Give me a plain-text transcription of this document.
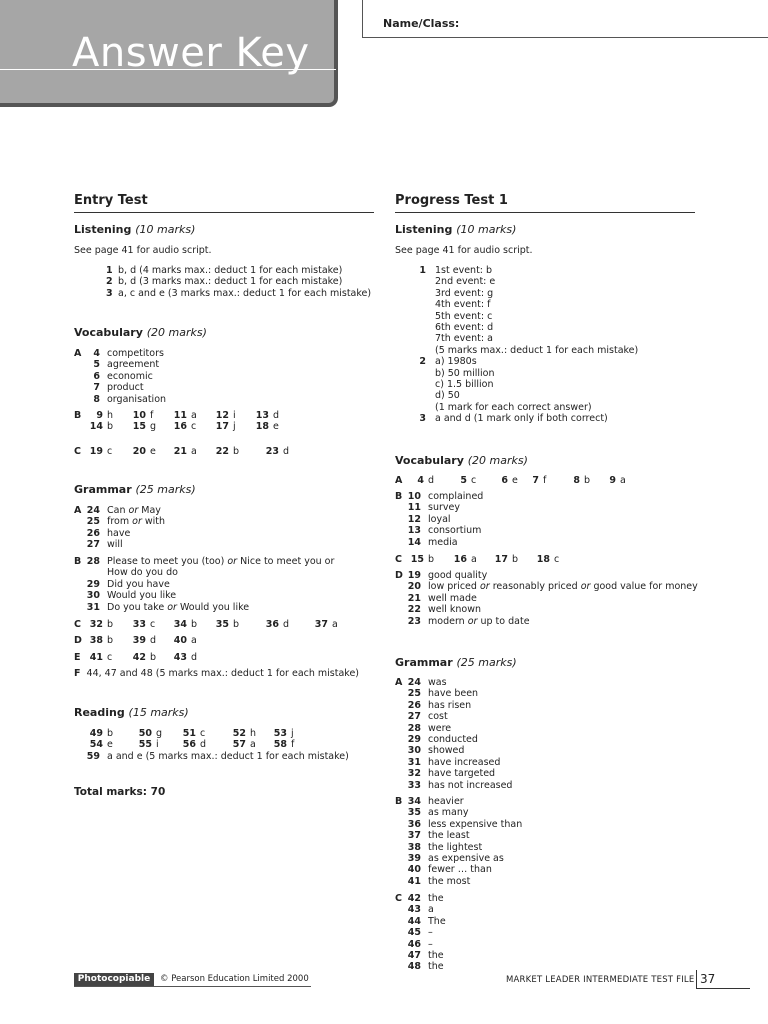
Answer Key
Name/Class:
Entry Test
Listening (10 marks)
See page 41 for audio script.
1 b, d (4 marks max.: deduct 1 for each mistake)
2 b, d (3 marks max.: deduct 1 for each mistake)
3 a, c and e (3 marks max.: deduct 1 for each mistake)
Vocabulary (20 marks)
A	4 competitors
5 agreement
6 economic
7 product
8 organisation
B	9 h	10 f	11 a	12 i	13 d
14 b	15 g	16 c	17 j	18 e
C 19 c	20 e	21 a	22 b	23 d
Grammar (25 marks)
A 24 Can or May
25 from or with
26 have
27 will
B 28 Please to meet you (too) or Nice to meet you or
How do you do
29 Did you have
30 Would you like
31 Do you take or Would you like
C 32 b	33 c	34 b	35 b	36 d	37 a
D 38 b	39 d	40 a
E 41 c	42 b	43 d
F 44, 47 and 48 (5 marks max.: deduct 1 for each mistake)
Reading (15 marks)
49 b	50 g	51 c	52 h	53 j
54 e	55 i	56 d	57 a	58 f
59 a and e (5 marks max.: deduct 1 for each mistake)
Total marks: 70
Progress Test 1
Listening (10 marks)
See page 41 for audio script.
1 1st event: b
2nd event: e
3rd event: g
4th event: f
5th event: c
6th event: d
7th event: a
(5 marks max.: deduct 1 for each mistake)
2 a) 1980s
b) 50 million
c) 1.5 billion
d) 50
(1 mark for each correct answer)
3 a and d (1 mark only if both correct)
Vocabulary (20 marks)
A	4 d	5 c	6 e	7 f	8 b	9 a
B 10 complained
11 survey
12 loyal
13 consortium
14 media
C 15 b	16 a	17 b	18 c
D 19 good quality
20 low priced or reasonably priced or good value for money
21 well made
22 well known
23 modern or up to date
Grammar (25 marks)
A 24 was
25 have been
26 has risen
27 cost
28 were
29 conducted
30 showed
31 have increased
32 have targeted
33 has not increased
B 34 heavier
35 as many
36 less expensive than
37 the least
38 the lightest
39 as expensive as
40 fewer … than
41 the most
C 42 the
43 a
44 The
45 –
46 –
47 the
48 the
Photocopiable	© Pearson Education Limited 2000	MARKET LEADER INTERMEDIATE TEST FILE 37
